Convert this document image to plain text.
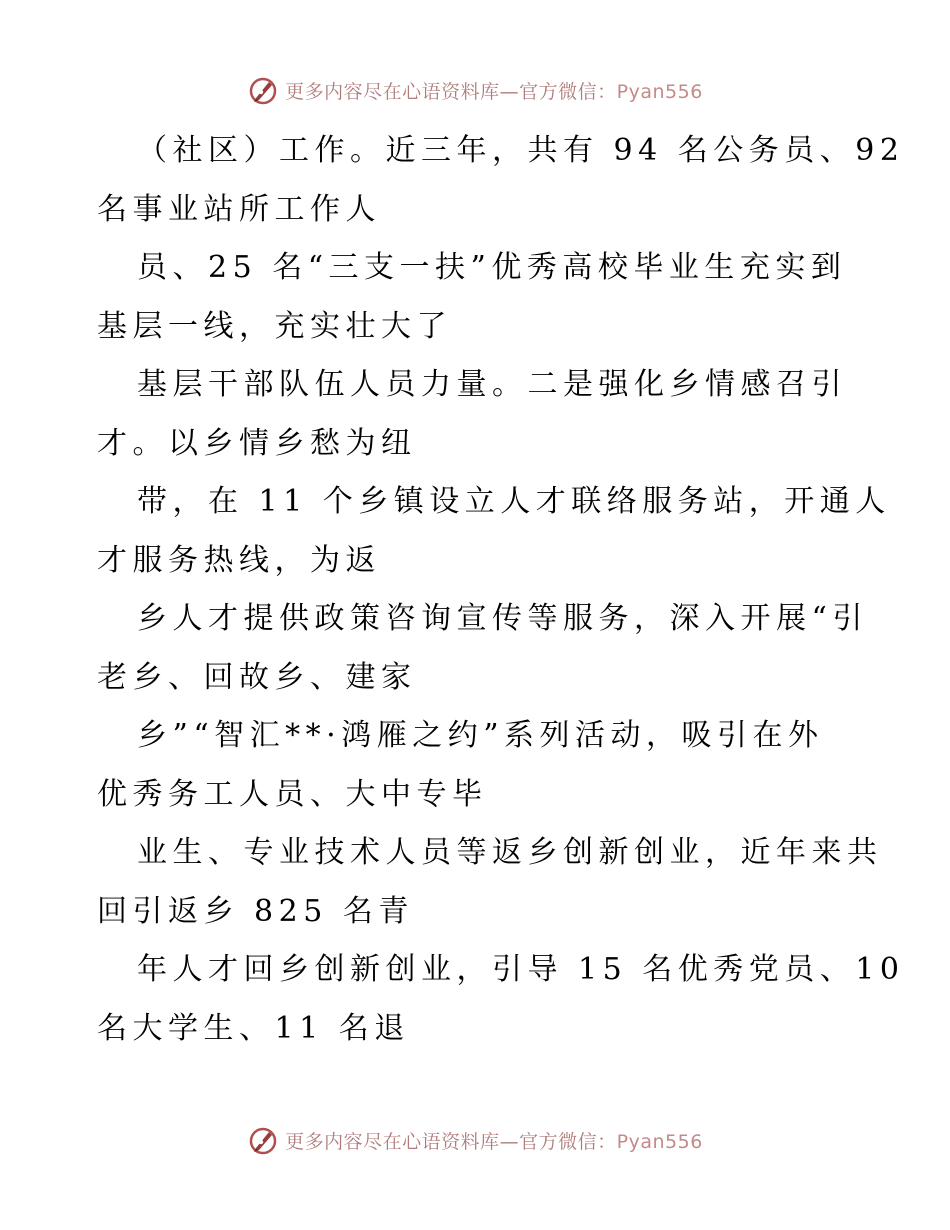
更多内容尽在心语资料库—官方微信：Pyan556
（社区）工作。近三年，共有 94 名公务员、92
名事业站所工作人
员、25 名“三支一扶”优秀高校毕业生充实到
基层一线，充实壮大了
基层干部队伍人员力量。二是强化乡情感召引
才。以乡情乡愁为纽
带，在 11 个乡镇设立人才联络服务站，开通人
才服务热线，为返
乡人才提供政策咨询宣传等服务，深入开展“引
老乡、回故乡、建家
乡”“智汇**·鸿雁之约”系列活动，吸引在外
优秀务工人员、大中专毕
业生、专业技术人员等返乡创新创业，近年来共
回引返乡 825 名青
年人才回乡创新创业，引导 15 名优秀党员、10
名大学生、11 名退
更多内容尽在心语资料库—官方微信：Pyan556
